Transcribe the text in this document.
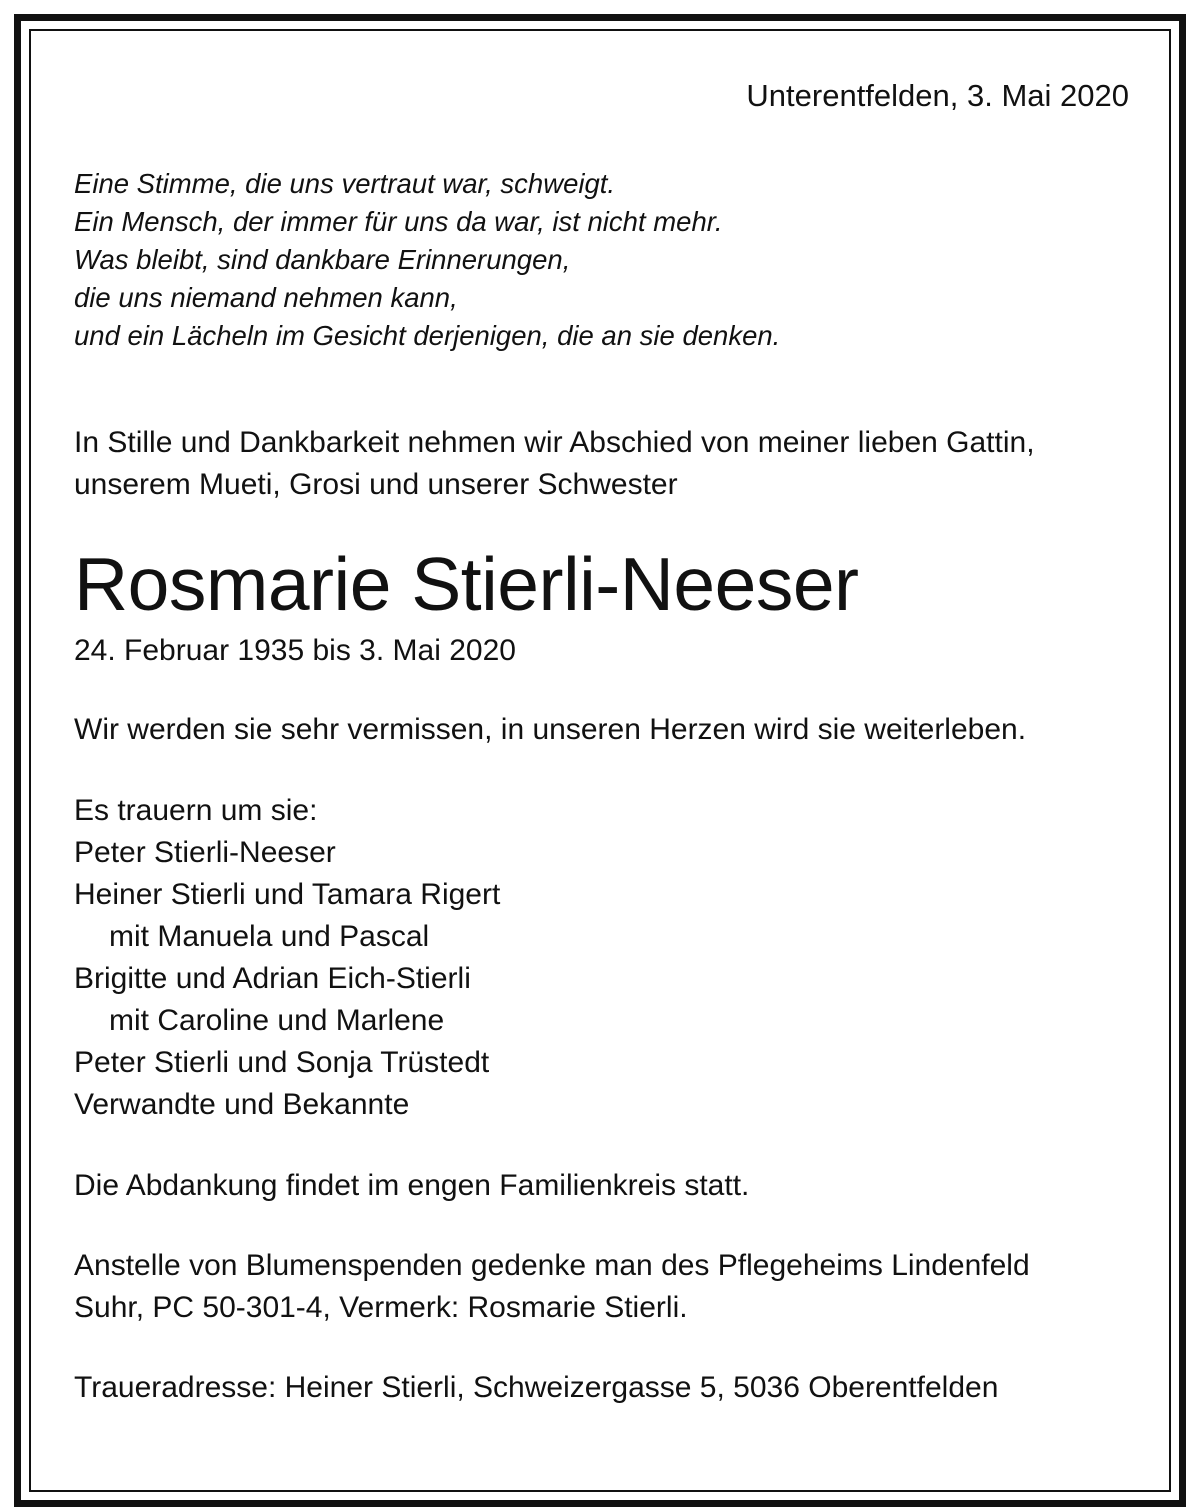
Unterentfelden, 3. Mai 2020

Eine Stimme, die uns vertraut war, schweigt.
Ein Mensch, der immer für uns da war, ist nicht mehr.
Was bleibt, sind dankbare Erinnerungen,
die uns niemand nehmen kann,
und ein Lächeln im Gesicht derjenigen, die an sie denken.
In Stille und Dankbarkeit nehmen wir Abschied von meiner lieben Gattin,
unserem Mueti, Grosi und unserer Schwester
Rosmarie Stierli-Neeser

24. Februar 1935 bis 3. Mai 2020

Wir werden sie sehr vermissen, in unseren Herzen wird sie weiterleben.

Es trauern um sie:
Peter Stierli-Neeser
Heiner Stierli und Tamara Rigert
mit Manuela und Pascal
Brigitte und Adrian Eich-Stierli
mit Caroline und Marlene
Peter Stierli und Sonja Trüstedt
Verwandte und Bekannte

Die Abdankung findet im engen Familienkreis statt.

Anstelle von Blumenspenden gedenke man des Pflegeheims Lindenfeld
Suhr, PC 50-301-4, Vermerk: Rosmarie Stierli.

Traueradresse: Heiner Stierli, Schweizergasse 5, 5036 Oberentfelden
